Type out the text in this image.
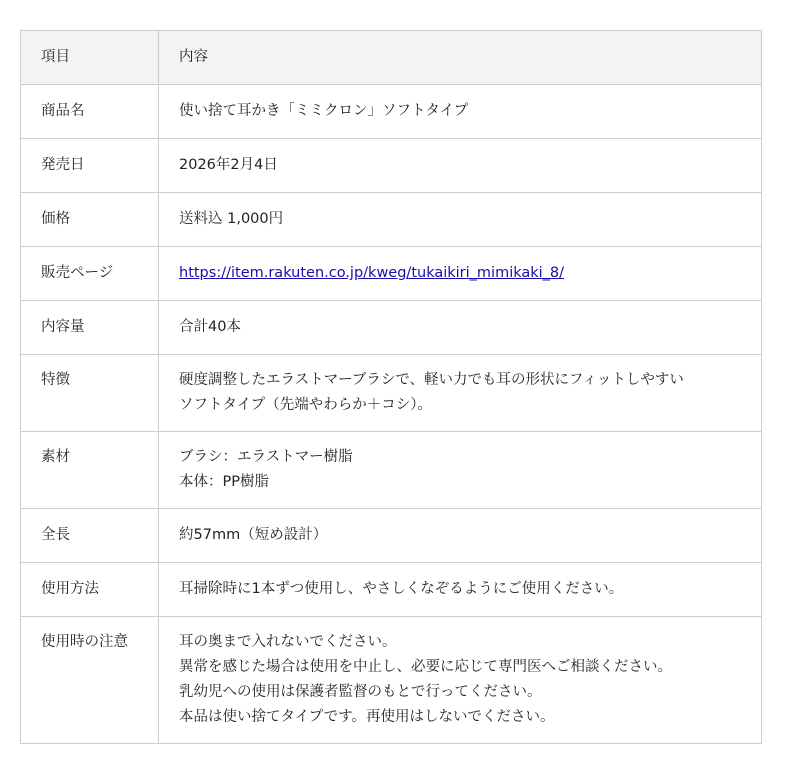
項目	内容
商品名	使い捨て耳かき「ミミクロン」ソフトタイプ

発売日	2026年2月4日

価格	送料込 1,000円

販売ページ	https://item.rakuten.co.jp/kweg/tukaikiri_mimikaki_8/
内容量	合計40本

特徴	硬度調整したエラストマーブラシで、軽い力でも耳の形状にフィットしやすい
ソフトタイプ（先端やわらか＋コシ）。

素材	ブラシ：エラストマー樹脂
本体：PP樹脂

全長	約57mm（短め設計）

使用方法	耳掃除時に1本ずつ使用し、やさしくなぞるようにご使用ください。

使用時の注意	耳の奥まで入れないでください。
異常を感じた場合は使用を中止し、必要に応じて専門医へご相談ください。
乳幼児への使用は保護者監督のもとで行ってください。
本品は使い捨てタイプです。再使用はしないでください。
